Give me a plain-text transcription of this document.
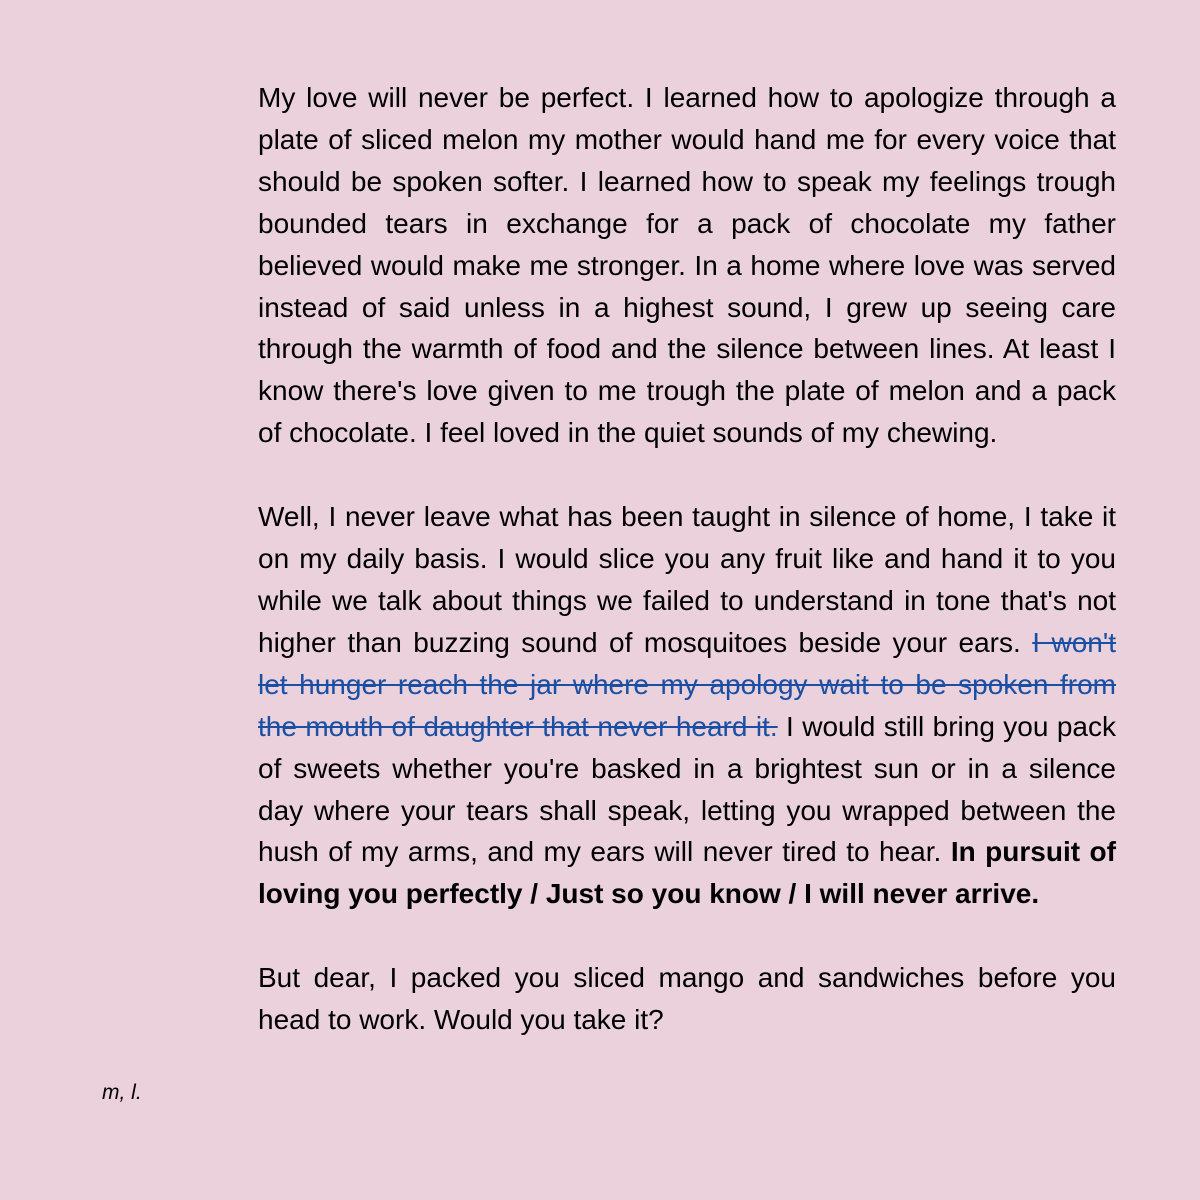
My love will never be perfect. I learned how to apologize through a plate of sliced melon my mother would hand me for every voice that should be spoken softer. I learned how to speak my feelings trough bounded tears in exchange for a pack of chocolate my father believed would make me stronger. In a home where love was served instead of said unless in a highest sound, I grew up seeing care through the warmth of food and the silence between lines. At least I know there's love given to me trough the plate of melon and a pack of chocolate. I feel loved in the quiet sounds of my chewing.

Well, I never leave what has been taught in silence of home, I take it on my daily basis. I would slice you any fruit like and hand it to you while we talk about things we failed to understand in tone that's not higher than buzzing sound of mosquitoes beside your ears. I won't let hunger reach the jar where my apology wait to be spoken from the mouth of daughter that never heard it. I would still bring you pack of sweets whether you're basked in a brightest sun or in a silence day where your tears shall speak, letting you wrapped between the hush of my arms, and my ears will never tired to hear. In pursuit of loving you perfectly / Just so you know / I will never arrive.

But dear, I packed you sliced mango and sandwiches before you head to work. Would you take it?

m, l.
